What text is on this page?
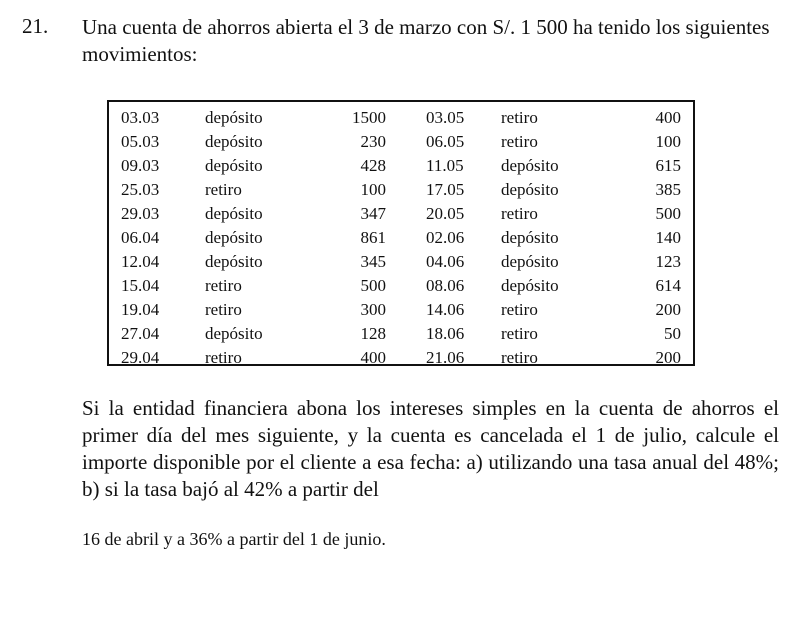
21. Una cuenta de ahorros abierta el 3 de marzo con S/. 1 500 ha tenido los siguientes movimientos:
03.03	depósito	1500 03.05 retiro	400
05.03	depósito	230 06.05 retiro	100
09.03	depósito	428 11.05 depósito	615
25.03	retiro	100 17.05 depósito	385
29.03	depósito	347 20.05 retiro	500
06.04	depósito	861 02.06 depósito	140
12.04	depósito	345 04.06 depósito	123
15.04	retiro	500 08.06 depósito	614
19.04	retiro	300 14.06 retiro	200
27.04	depósito	128 18.06 retiro	50
29.04	retiro	400 21.06 retiro	200
Si la entidad financiera abona los intereses simples en la cuenta de ahorros el primer día del mes siguiente, y la cuenta es cancelada el 1 de julio, calcule el importe disponible por el cliente a esa fecha: a) utilizando una tasa anual del 48%; b) si la tasa bajó al 42% a partir del
16 de abril y a 36% a partir del 1 de junio.
